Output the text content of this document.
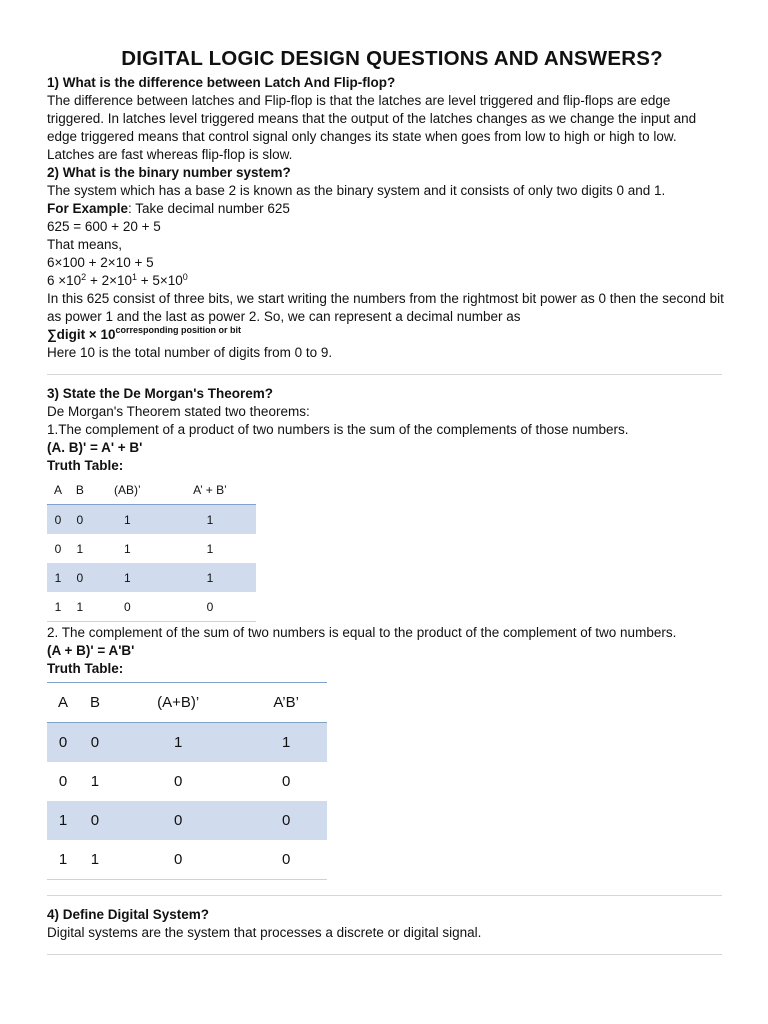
DIGITAL LOGIC DESIGN QUESTIONS AND ANSWERS?
1) What is the difference between Latch And Flip-flop?
The difference between latches and Flip-flop is that the latches are level triggered and flip-flops are edge triggered. In latches level triggered means that the output of the latches changes as we change the input and edge triggered means that control signal only changes its state when goes from low to high or high to low.
Latches are fast whereas flip-flop is slow.
2) What is the binary number system?
The system which has a base 2 is known as the binary system and it consists of only two digits 0 and 1.
For Example: Take decimal number 625
625 = 600 + 20 + 5
That means,
6×100 + 2×10 + 5
$6 \times 10^2 + 2\times 10^1 + 5\times 10^0$
In this 625 consist of three bits, we start writing the numbers from the rightmost bit power as 0 then the second bit as power 1 and the last as power 2. So, we can represent a decimal number as
∑digit × $10^{corresponding position or bit}$
Here 10 is the total number of digits from 0 to 9.
3) State the De Morgan's Theorem?
De Morgan's Theorem stated two theorems:
1.The complement of a product of two numbers is the sum of the complements of those numbers.
(A. B)' = A' + B'
Truth Table:
A	B	(AB)’	A’ + B’
0	0	1	1
0	1	1	1
1	0	1	1
1	1	0	0
2. The complement of the sum of two numbers is equal to the product of the complement of two numbers.
(A + B)' = A'B'
Truth Table:
A	B	(A+B)’	A’B’
0	0	1	1
0	1	0	0
1	0	0	0
1	1	0	0
4) Define Digital System?
Digital systems are the system that processes a discrete or digital signal.
